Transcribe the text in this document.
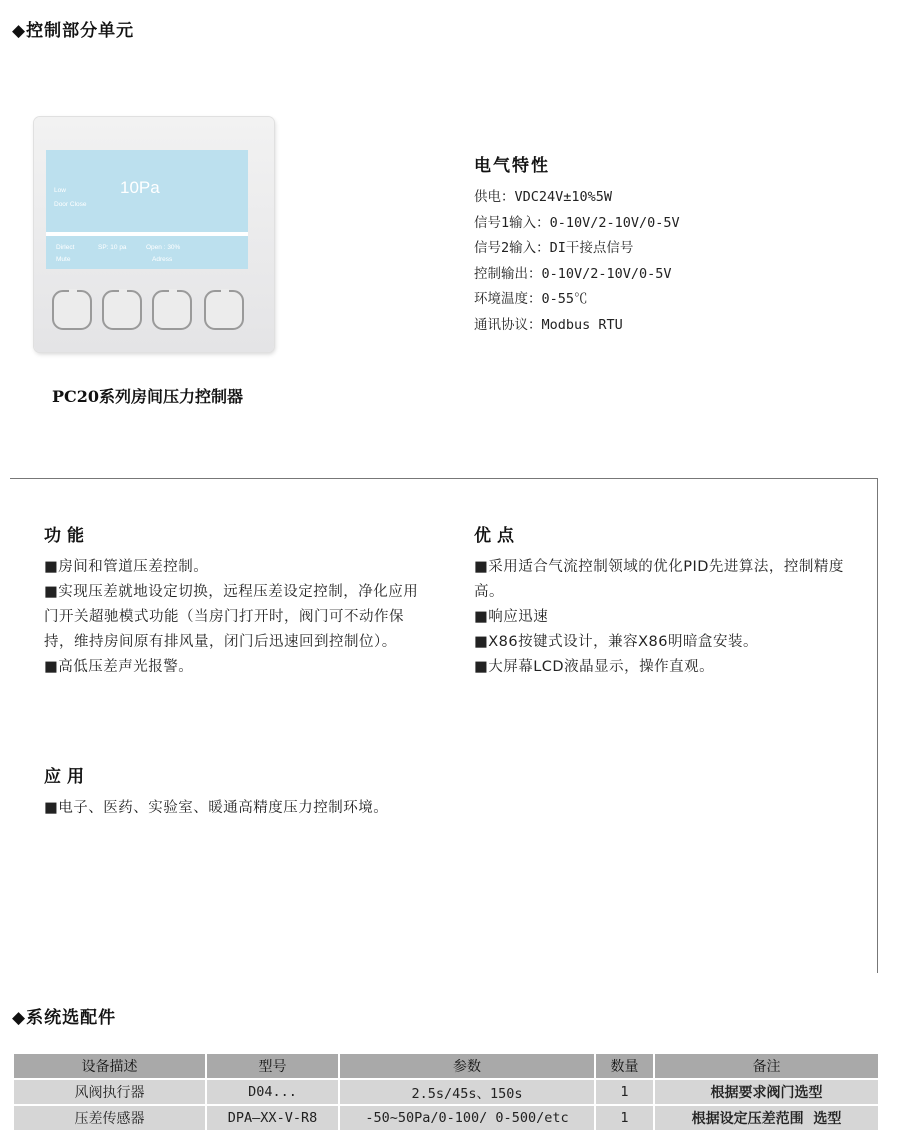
◆控制部分单元
Low
Door Close
10Pa
Dirlect	SP: 10 pa	Open : 30%
Mute	Adress
PC20系列房间压力控制器
电气特性
供电：VDC24V±10%5W
信号1输入：0-10V/2-10V/0-5V
信号2输入：DI干接点信号
控制输出：0-10V/2-10V/0-5V
环境温度：0-55℃
通讯协议：Modbus RTU
功能
■房间和管道压差控制。
■实现压差就地设定切换，远程压差设定控制，净化应用门开关超驰模式功能（当房门打开时，阀门可不动作保持，维持房间原有排风量，闭门后迅速回到控制位）。
■高低压差声光报警。
优点
■采用适合气流控制领域的优化PID先进算法，控制精度高。
■响应迅速
■X86按键式设计，兼容X86明暗盒安装。
■大屏幕LCD液晶显示，操作直观。
应用
■电子、医药、实验室、暖通高精度压力控制环境。
◆系统选配件
设备描述	型号	参数	数量	备注
风阀执行器	D04...	2.5s/45s、150s	1	根据要求阀门选型
压差传感器	DPA—XX-V-R8	-50~50Pa/0-100/ 0-500/etc	1	根据设定压差范围  选型
